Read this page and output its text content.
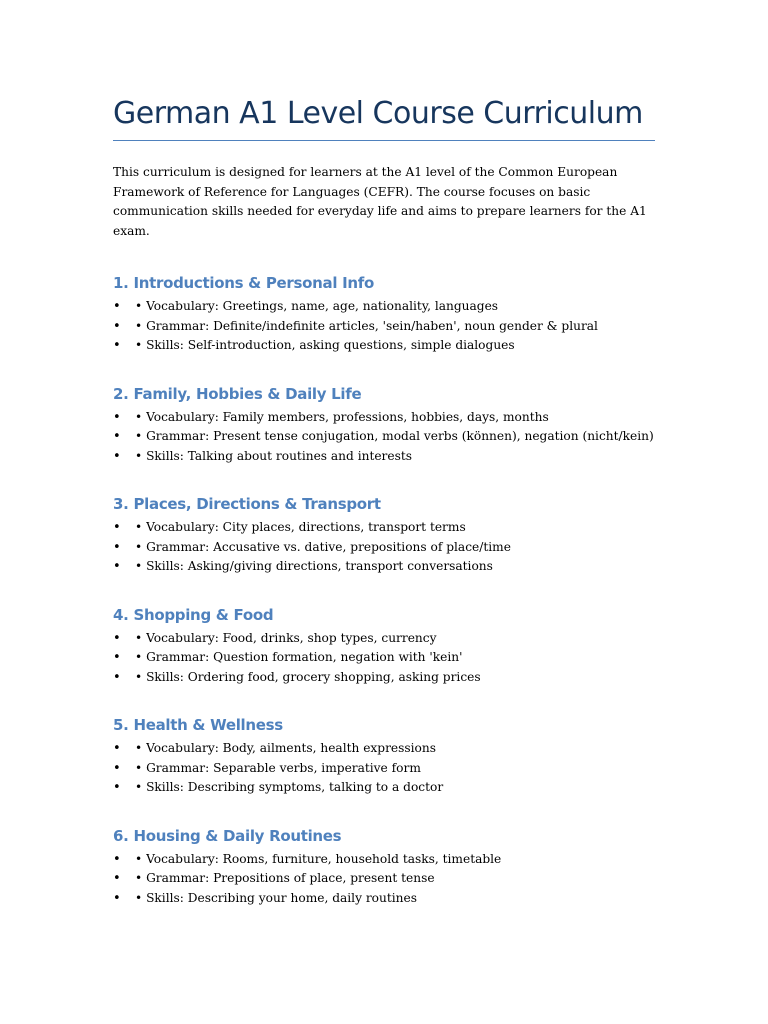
German A1 Level Course Curriculum

This curriculum is designed for learners at the A1 level of the Common European Framework of Reference for Languages (CEFR). The course focuses on basic communication skills needed for everyday life and aims to prepare learners for the A1 exam.

1. Introductions & Personal Info
• • Vocabulary: Greetings, name, age, nationality, languages
• • Grammar: Definite/indefinite articles, 'sein/haben', noun gender & plural
• • Skills: Self-introduction, asking questions, simple dialogues
2. Family, Hobbies & Daily Life
• • Vocabulary: Family members, professions, hobbies, days, months
• • Grammar: Present tense conjugation, modal verbs (können), negation (nicht/kein)
• • Skills: Talking about routines and interests
3. Places, Directions & Transport
• • Vocabulary: City places, directions, transport terms
• • Grammar: Accusative vs. dative, prepositions of place/time
• • Skills: Asking/giving directions, transport conversations
4. Shopping & Food
• • Vocabulary: Food, drinks, shop types, currency
• • Grammar: Question formation, negation with 'kein'
• • Skills: Ordering food, grocery shopping, asking prices
5. Health & Wellness
• • Vocabulary: Body, ailments, health expressions
• • Grammar: Separable verbs, imperative form
• • Skills: Describing symptoms, talking to a doctor
6. Housing & Daily Routines
• • Vocabulary: Rooms, furniture, household tasks, timetable
• • Grammar: Prepositions of place, present tense
• • Skills: Describing your home, daily routines
